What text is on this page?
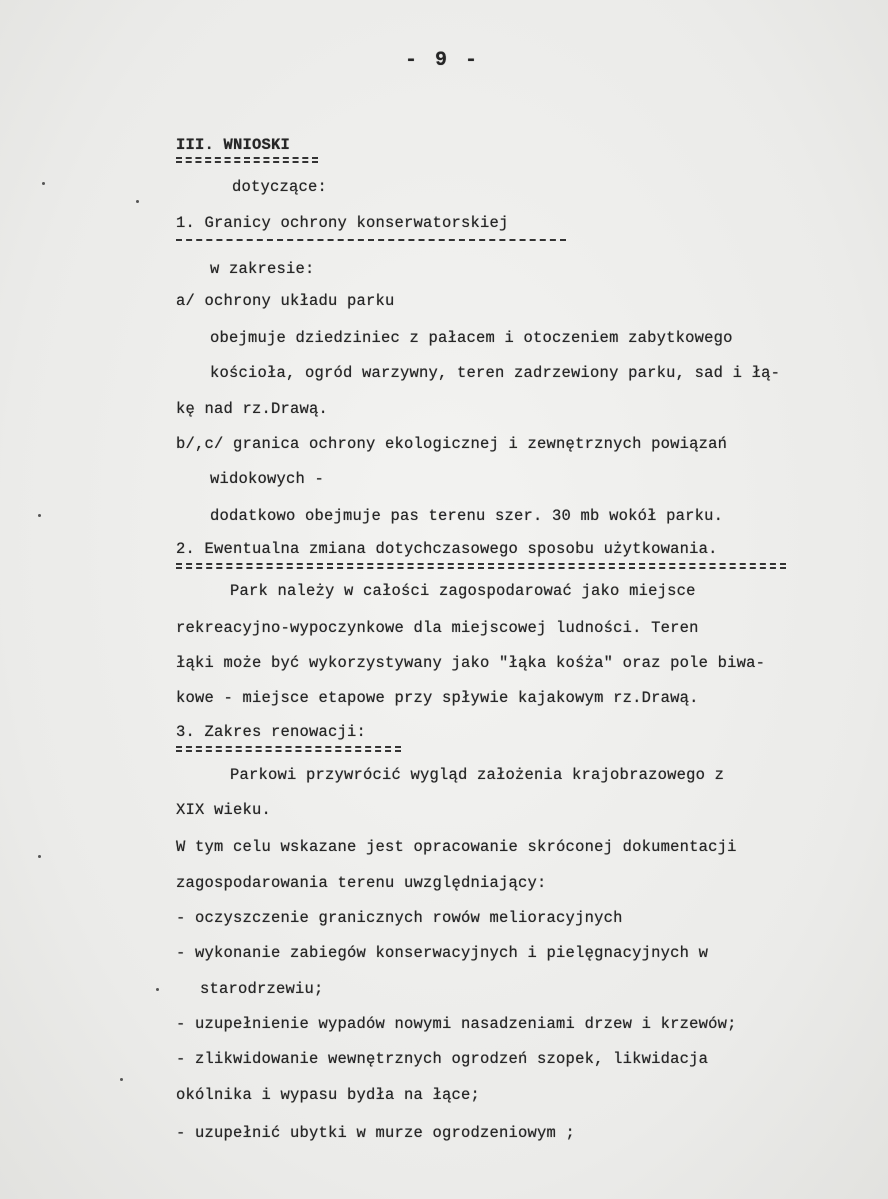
- 9 -
III. WNIOSKI
dotyczące:
1. Granicy ochrony konserwatorskiej
w zakresie:
a/ ochrony układu parku
obejmuje dziedziniec z pałacem i otoczeniem zabytkowego
kościoła, ogród warzywny, teren zadrzewiony parku, sad i łą-
kę nad rz.Drawą.
b/,c/ granica ochrony ekologicznej i zewnętrznych powiązań
widokowych -
dodatkowo obejmuje pas terenu szer. 30 mb wokół parku.
2. Ewentualna zmiana dotychczasowego sposobu użytkowania.
Park należy w całości zagospodarować jako miejsce
rekreacyjno-wypoczynkowe dla miejscowej ludności. Teren
łąki może być wykorzystywany jako "łąka kośża" oraz pole biwa-
kowe - miejsce etapowe przy spływie kajakowym rz.Drawą.
3. Zakres renowacji:
Parkowi przywrócić wygląd założenia krajobrazowego z
XIX wieku.
W tym celu wskazane jest opracowanie skróconej dokumentacji
zagospodarowania terenu uwzględniający:
- oczyszczenie granicznych rowów melioracyjnych
- wykonanie zabiegów konserwacyjnych i pielęgnacyjnych w
starodrzewiu;
- uzupełnienie wypadów nowymi nasadzeniami drzew i krzewów;
- zlikwidowanie wewnętrznych ogrodzeń szopek, likwidacja
okólnika i wypasu bydła na łące;
- uzupełnić ubytki w murze ogrodzeniowym ;
